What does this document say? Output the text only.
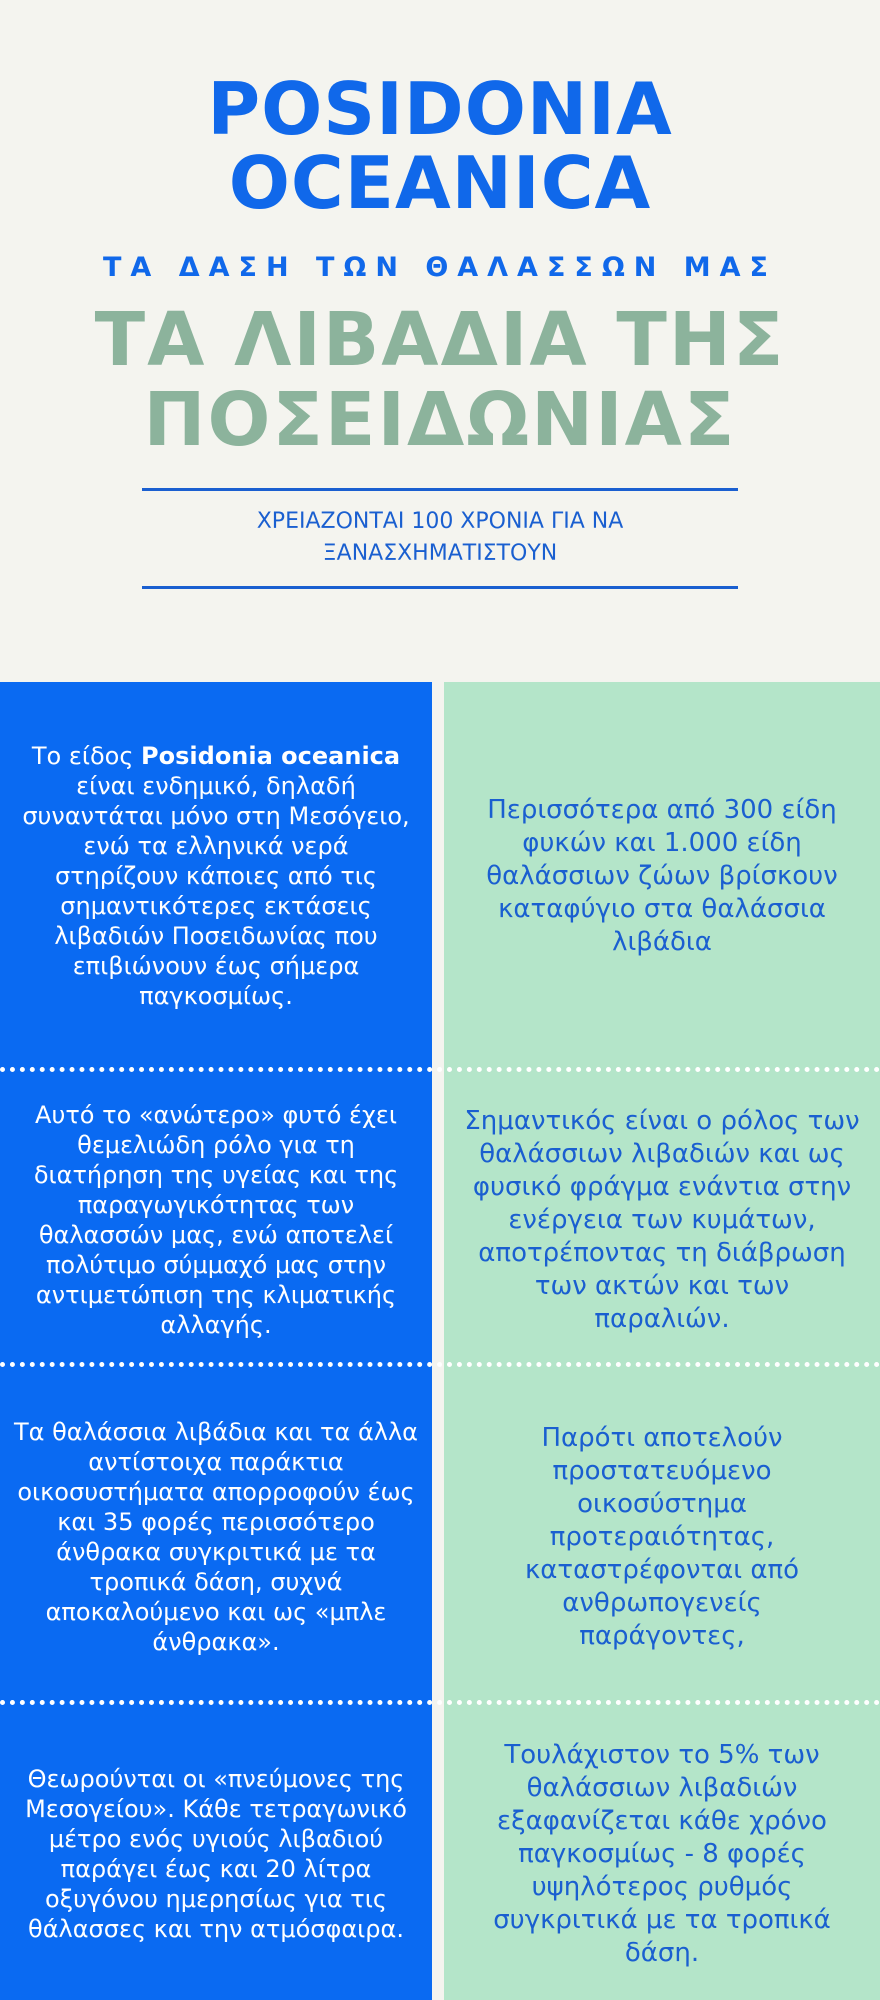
POSIDONIA
OCEANICA
ΤΑ ΔΑΣΗ ΤΩΝ ΘΑΛΑΣΣΩΝ ΜΑΣ
ΤΑ ΛΙΒΑΔΙΑ ΤΗΣ
ΠΟΣΕΙΔΩΝΙΑΣ
ΧΡΕΙΑΖΟΝΤΑΙ 100 ΧΡΟΝΙΑ ΓΙΑ ΝΑ
ΞΑΝΑΣΧΗΜΑΤΙΣΤΟΥΝ
Το είδος Posidonia oceanica είναι ενδημικό, δηλαδή συναντάται μόνο στη Μεσόγειο, ενώ τα ελληνικά νερά στηρίζουν κάποιες από τις σημαντικότερες εκτάσεις λιβαδιών Ποσειδωνίας που επιβιώνουν έως σήμερα παγκοσμίως.
Περισσότερα από 300 είδη φυκών και 1.000 είδη θαλάσσιων ζώων βρίσκουν καταφύγιο στα θαλάσσια λιβάδια
Αυτό το «ανώτερο» φυτό έχει θεμελιώδη ρόλο για τη διατήρηση της υγείας και της παραγωγικότητας των θαλασσών μας, ενώ αποτελεί πολύτιμο σύμμαχό μας στην αντιμετώπιση της κλιματικής αλλαγής.
Σημαντικός είναι ο ρόλος των θαλάσσιων λιβαδιών και ως φυσικό φράγμα ενάντια στην ενέργεια των κυμάτων, αποτρέποντας τη διάβρωση των ακτών και των παραλιών.
Τα θαλάσσια λιβάδια και τα άλλα αντίστοιχα παράκτια οικοσυστήματα απορροφούν έως και 35 φορές περισσότερο άνθρακα συγκριτικά με τα τροπικά δάση, συχνά αποκαλούμενο και ως «μπλε άνθρακα».
Παρότι αποτελούν προστατευόμενο οικοσύστημα προτεραιότητας, καταστρέφονται από ανθρωπογενείς παράγοντες,
Θεωρούνται οι «πνεύμονες της Μεσογείου». Κάθε τετραγωνικό μέτρο ενός υγιούς λιβαδιού παράγει έως και 20 λίτρα οξυγόνου ημερησίως για τις θάλασσες και την ατμόσφαιρα.
Τουλάχιστον το 5% των θαλάσσιων λιβαδιών εξαφανίζεται κάθε χρόνο παγκοσμίως - 8 φορές υψηλότερος ρυθμός συγκριτικά με τα τροπικά δάση.
